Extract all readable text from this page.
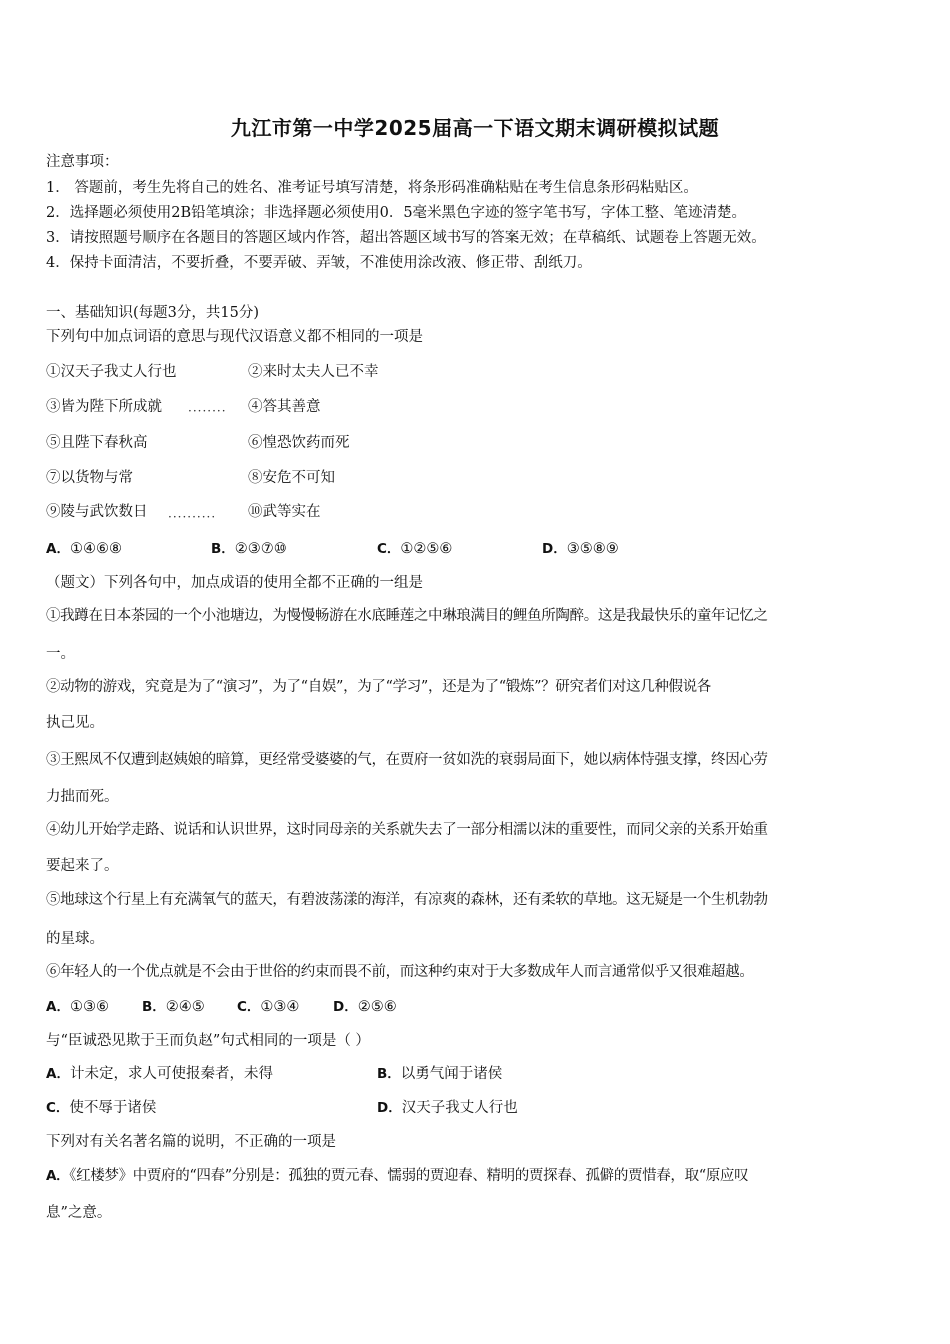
九江市第一中学2025届高一下语文期末调研模拟试题
注意事项：
1． 答题前，考生先将自己的姓名、准考证号填写清楚，将条形码准确粘贴在考生信息条形码粘贴区。
2．选择题必须使用2B铅笔填涂；非选择题必须使用0．5毫米黑色字迹的签字笔书写，字体工整、笔迹清楚。
3．请按照题号顺序在各题目的答题区域内作答，超出答题区域书写的答案无效；在草稿纸、试题卷上答题无效。
4．保持卡面清洁，不要折叠，不要弄破、弄皱，不准使用涂改液、修正带、刮纸刀。
一、基础知识(每题3分，共15分)
下列句中加点词语的意思与现代汉语意义都不相同的一项是
①汉天子我丈人行也	②来时太夫人已不幸
③皆为陛下所成就 ········ ④答其善意
⑤且陛下春秋高	⑥惶恐饮药而死
⑦以货物与常	⑧安危不可知
⑨陵与武饮数日 ·········· ⑩武等实在
A．①④⑥⑧	B．②③⑦⑩	C．①②⑤⑥	D．③⑤⑧⑨
（题文）下列各句中，加点成语的使用全都不正确的一组是
①我蹲在日本茶园的一个小池塘边，为慢慢畅游在水底睡莲之中琳琅满目的鲤鱼所陶醉。这是我最快乐的童年记忆之
一。
②动物的游戏，究竟是为了“演习”，为了“自娱”，为了“学习”，还是为了“锻炼”？研究者们对这几种假说各
执己见。
③王熙凤不仅遭到赵姨娘的暗算，更经常受婆婆的气，在贾府一贫如洗的衰弱局面下，她以病体恃强支撑，终因心劳
力拙而死。
④幼儿开始学走路、说话和认识世界，这时同母亲的关系就失去了一部分相濡以沫的重要性，而同父亲的关系开始重
要起来了。
⑤地球这个行星上有充满氧气的蓝天，有碧波荡漾的海洋，有凉爽的森林，还有柔软的草地。这无疑是一个生机勃勃
的星球。
⑥年轻人的一个优点就是不会由于世俗的约束而畏不前，而这种约束对于大多数成年人而言通常似乎又很难超越。
A．①③⑥ B．②④⑤ C．①③④ D．②⑤⑥
与“臣诚恐见欺于王而负赵”句式相同的一项是（ ）
A．计未定，求人可使报秦者，未得	B．以勇气闻于诸侯
C．使不辱于诸侯	D．汉天子我丈人行也
下列对有关名著名篇的说明，不正确的一项是
A．《红楼梦》中贾府的“四春”分别是：孤独的贾元春、懦弱的贾迎春、精明的贾探春、孤僻的贾惜春，取“原应叹
息”之意。
